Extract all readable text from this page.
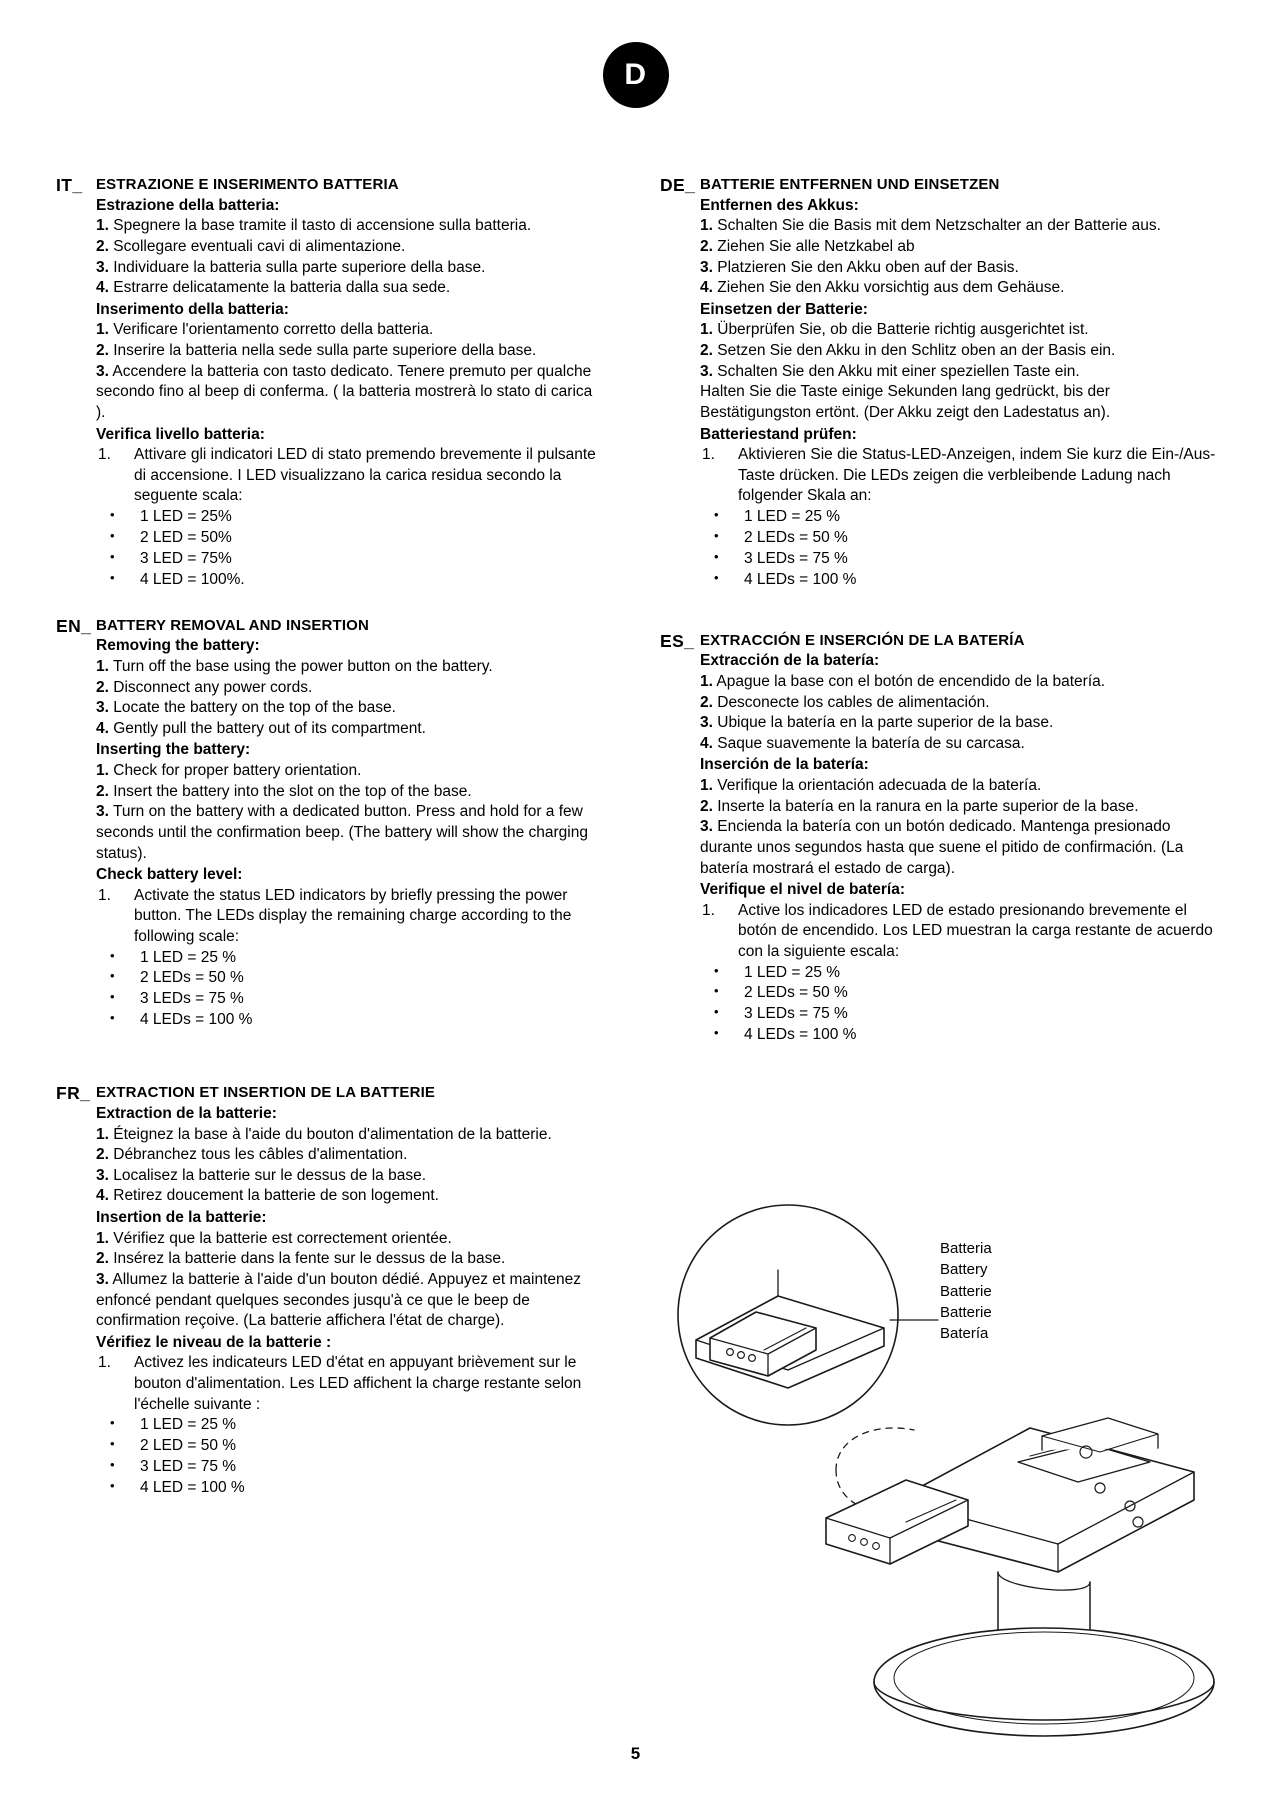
D
IT_ ESTRAZIONE E INSERIMENTO BATTERIA
Estrazione della batteria:

1. Spegnere la base tramite il tasto di accensione sulla batteria.

2. Scollegare eventuali cavi di alimentazione.

3. Individuare la batteria sulla parte superiore della base.

4. Estrarre delicatamente la batteria dalla sua sede.

Inserimento della batteria:

1. Verificare l'orientamento corretto della batteria.

2. Inserire la batteria nella sede sulla parte superiore della base.

3. Accendere la batteria con tasto dedicato. Tenere premuto per qualche secondo fino al beep di conferma. ( la batteria mostrerà lo stato di carica ).

Verifica livello batteria:
1. Attivare gli indicatori LED di stato premendo brevemente il pulsante di accensione. I LED visualizzano la carica residua secondo la seguente scala:
• 1 LED = 25%
• 2 LED = 50%
• 3 LED = 75%
• 4 LED = 100%.
EN_ BATTERY REMOVAL AND INSERTION
Removing the battery:

1. Turn off the base using the power button on the battery.

2. Disconnect any power cords.

3. Locate the battery on the top of the base.

4. Gently pull the battery out of its compartment.

Inserting the battery:

1. Check for proper battery orientation.

2. Insert the battery into the slot on the top of the base.

3. Turn on the battery with a dedicated button. Press and hold for a few seconds until the confirmation beep. (The battery will show the charging status).

Check battery level:
1. Activate the status LED indicators by briefly pressing the power button. The LEDs display the remaining charge according to the following scale:
• 1 LED = 25 %
• 2 LEDs = 50 %
• 3 LEDs = 75 %
• 4 LEDs = 100 %
FR_ EXTRACTION ET INSERTION DE LA BATTERIE
Extraction de la batterie:

1. Éteignez la base à l'aide du bouton d'alimentation de la batterie.

2. Débranchez tous les câbles d'alimentation.

3. Localisez la batterie sur le dessus de la base.

4. Retirez doucement la batterie de son logement.

Insertion de la batterie:

1. Vérifiez que la batterie est correctement orientée.

2. Insérez la batterie dans la fente sur le dessus de la base.

3. Allumez la batterie à l'aide d'un bouton dédié. Appuyez et maintenez enfoncé pendant quelques secondes jusqu'à ce que le beep de confirmation reçoive. (La batterie affichera l'état de charge).

Vérifiez le niveau de la batterie :
1. Activez les indicateurs LED d'état en appuyant brièvement sur le bouton d'alimentation. Les LED affichent la charge restante selon l'échelle suivante :
• 1 LED = 25 %
• 2 LED = 50 %
• 3 LED = 75 %
• 4 LED = 100 %
DE_ BATTERIE ENTFERNEN UND EINSETZEN
Entfernen des Akkus:

1. Schalten Sie die Basis mit dem Netzschalter an der Batterie aus.

2. Ziehen Sie alle Netzkabel ab

3. Platzieren Sie den Akku oben auf der Basis.

4. Ziehen Sie den Akku vorsichtig aus dem Gehäuse.

Einsetzen der Batterie:

1. Überprüfen Sie, ob die Batterie richtig ausgerichtet ist.

2. Setzen Sie den Akku in den Schlitz oben an der Basis ein.

3. Schalten Sie den Akku mit einer speziellen Taste ein.

Halten Sie die Taste einige Sekunden lang gedrückt, bis der Bestätigungston ertönt. (Der Akku zeigt den Ladestatus an).

Batteriestand prüfen:
1. Aktivieren Sie die Status-LED-Anzeigen, indem Sie kurz die Ein-/Aus-Taste drücken. Die LEDs zeigen die verbleibende Ladung nach folgender Skala an:
• 1 LED = 25 %
• 2 LEDs = 50 %
• 3 LEDs = 75 %
• 4 LEDs = 100 %
ES_ EXTRACCIÓN E INSERCIÓN DE LA BATERÍA
Extracción de la batería:

1. Apague la base con el botón de encendido de la batería.

2. Desconecte los cables de alimentación.

3. Ubique la batería en la parte superior de la base.

4. Saque suavemente la batería de su carcasa.

Inserción de la batería:

1. Verifique la orientación adecuada de la batería.

2. Inserte la batería en la ranura en la parte superior de la base.

3. Encienda la batería con un botón dedicado. Mantenga presionado durante unos segundos hasta que suene el pitido de confirmación. (La batería mostrará el estado de carga).

Verifique el nivel de batería:
1. Active los indicadores LED de estado presionando brevemente el botón de encendido. Los LED muestran la carga restante de acuerdo con la siguiente escala:
• 1 LED = 25 %
• 2 LEDs = 50 %
• 3 LEDs = 75 %
• 4 LEDs = 100 %
Batteria
Battery
Batterie
Batterie
Batería
5
